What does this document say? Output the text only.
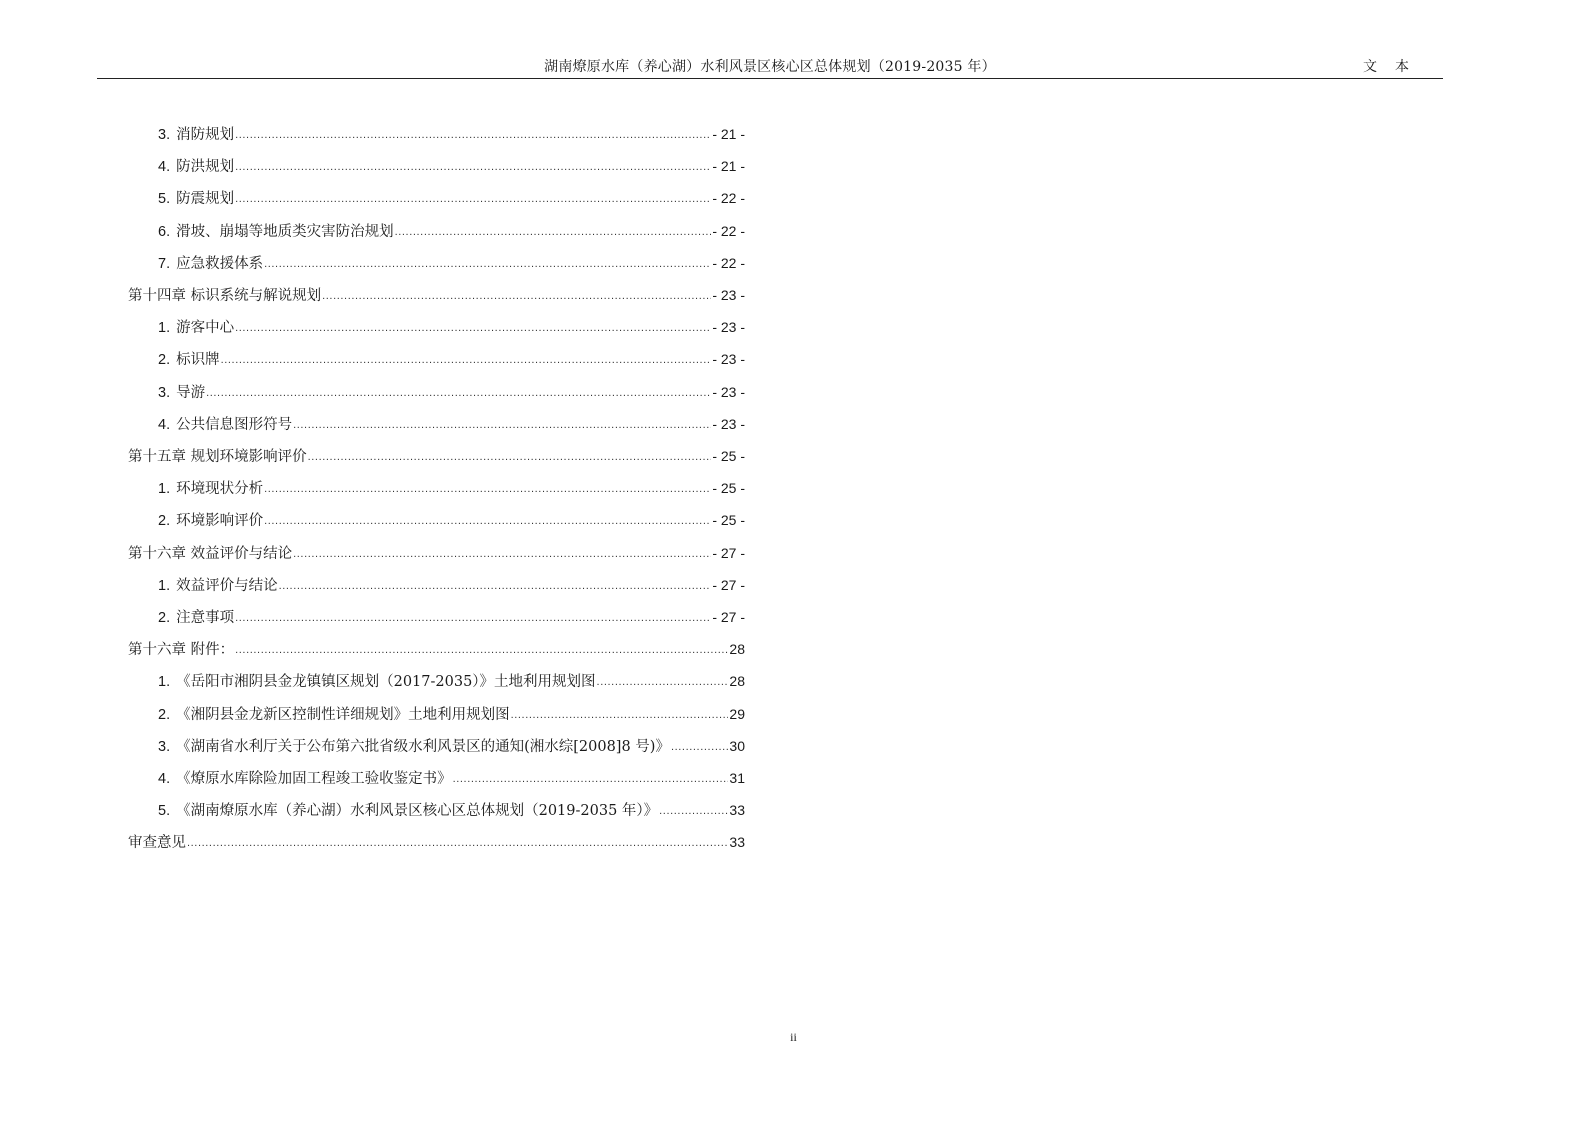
湖南燎原水库（养心湖）水利风景区核心区总体规划（2019-2035 年）	文本
3. 消防规划 .....	- 21 -
4. 防洪规划 .....	- 21 -
5. 防震规划 .....	- 22 -
6. 滑坡、崩塌等地质类灾害防治规划 .....	- 22 -
7. 应急救援体系 .....	- 22 -
第十四章 标识系统与解说规划 .....	- 23 -
1. 游客中心 .....	- 23 -
2. 标识牌 .....	- 23 -
3. 导游 .....	- 23 -
4. 公共信息图形符号 .....	- 23 -
第十五章 规划环境影响评价 .....	- 25 -
1. 环境现状分析 .....	- 25 -
2. 环境影响评价 .....	- 25 -
第十六章 效益评价与结论 .....	- 27 -
1. 效益评价与结论 .....	- 27 -
2. 注意事项 .....	- 27 -
第十六章 附件： .....	28
1. 《岳阳市湘阴县金龙镇镇区规划（2017-2035）》土地利用规划图 .....	28
2. 《湘阴县金龙新区控制性详细规划》土地利用规划图 .....	29
3. 《湖南省水利厅关于公布第六批省级水利风景区的通知(湘水综[2008]8 号)》 .....	30
4. 《燎原水库除险加固工程竣工验收鉴定书》 .....	31
5. 《湖南燎原水库（养心湖）水利风景区核心区总体规划（2019-2035 年）》 .....	33
审查意见 .....	33
ii
